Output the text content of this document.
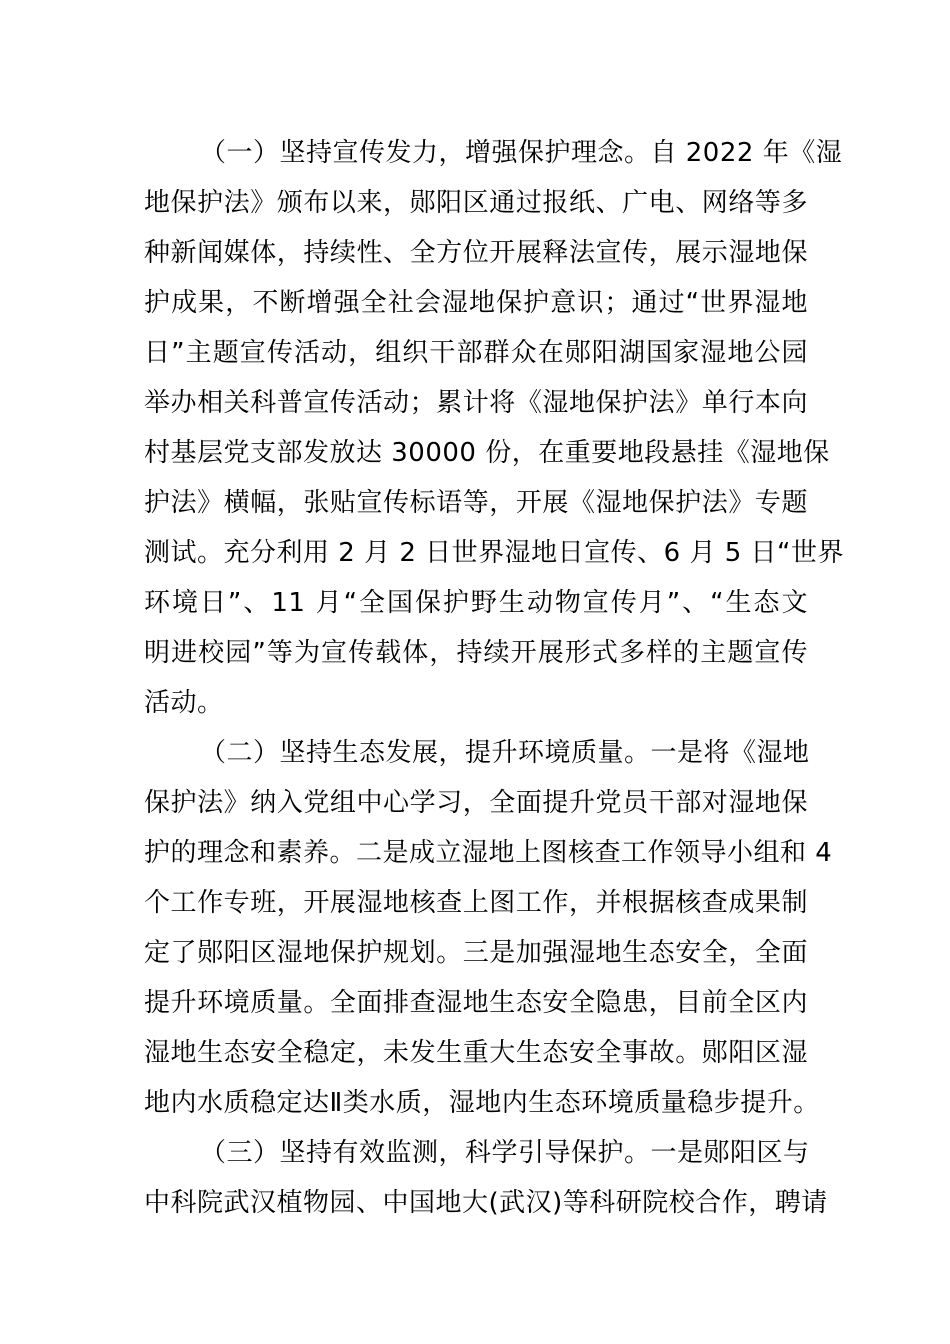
（一）坚持宣传发力，增强保护理念。自 2022 年《湿
地保护法》颁布以来，郧阳区通过报纸、广电、网络等多
种新闻媒体，持续性、全方位开展释法宣传，展示湿地保
护成果，不断增强全社会湿地保护意识；通过“世界湿地
日”主题宣传活动，组织干部群众在郧阳湖国家湿地公园
举办相关科普宣传活动；累计将《湿地保护法》单行本向
村基层党支部发放达 30000 份，在重要地段悬挂《湿地保
护法》横幅，张贴宣传标语等，开展《湿地保护法》专题
测试。充分利用 2 月 2 日世界湿地日宣传、6 月 5 日“世界
环境日”、11 月“全国保护野生动物宣传月”、“生态文
明进校园”等为宣传载体，持续开展形式多样的主题宣传
活动。
（二）坚持生态发展，提升环境质量。一是将《湿地
保护法》纳入党组中心学习，全面提升党员干部对湿地保
护的理念和素养。二是成立湿地上图核查工作领导小组和 4
个工作专班，开展湿地核查上图工作，并根据核查成果制
定了郧阳区湿地保护规划。三是加强湿地生态安全，全面
提升环境质量。全面排查湿地生态安全隐患，目前全区内
湿地生态安全稳定，未发生重大生态安全事故。郧阳区湿
地内水质稳定达Ⅱ类水质，湿地内生态环境质量稳步提升。
（三）坚持有效监测，科学引导保护。一是郧阳区与
中科院武汉植物园、中国地大(武汉)等科研院校合作，聘请
